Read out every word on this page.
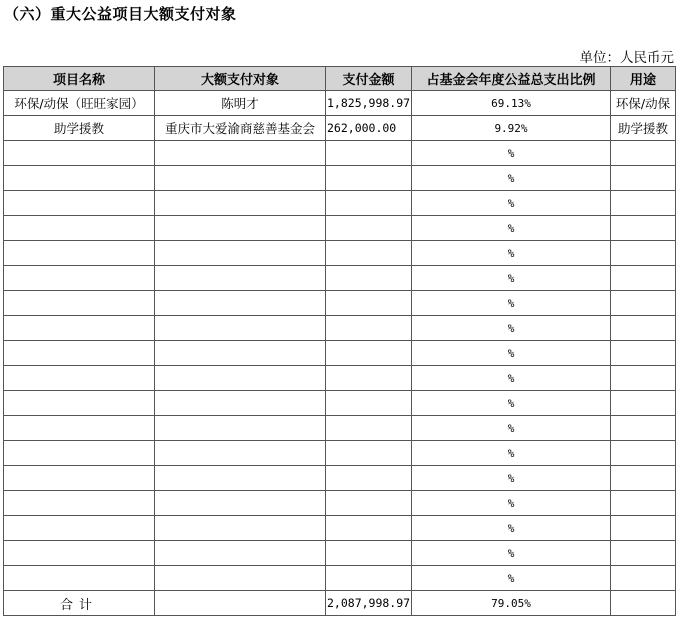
（六）重大公益项目大额支付对象
单位：人民币元
项目名称	大额支付对象	支付金额	占基金会年度公益总支出比例	用途
环保/动保（旺旺家园）	陈明才	1,825,998.97	69.13%	环保/动保
助学援教	重庆市大爱渝商慈善基金会	262,000.00	9.92%	助学援教
			%	
			%	
			%	
			%	
			%	
			%	
			%	
			%	
			%	
			%	
			%	
			%	
			%	
			%	
			%	
			%	
			%	
			%	
合计		2,087,998.97	79.05%	
